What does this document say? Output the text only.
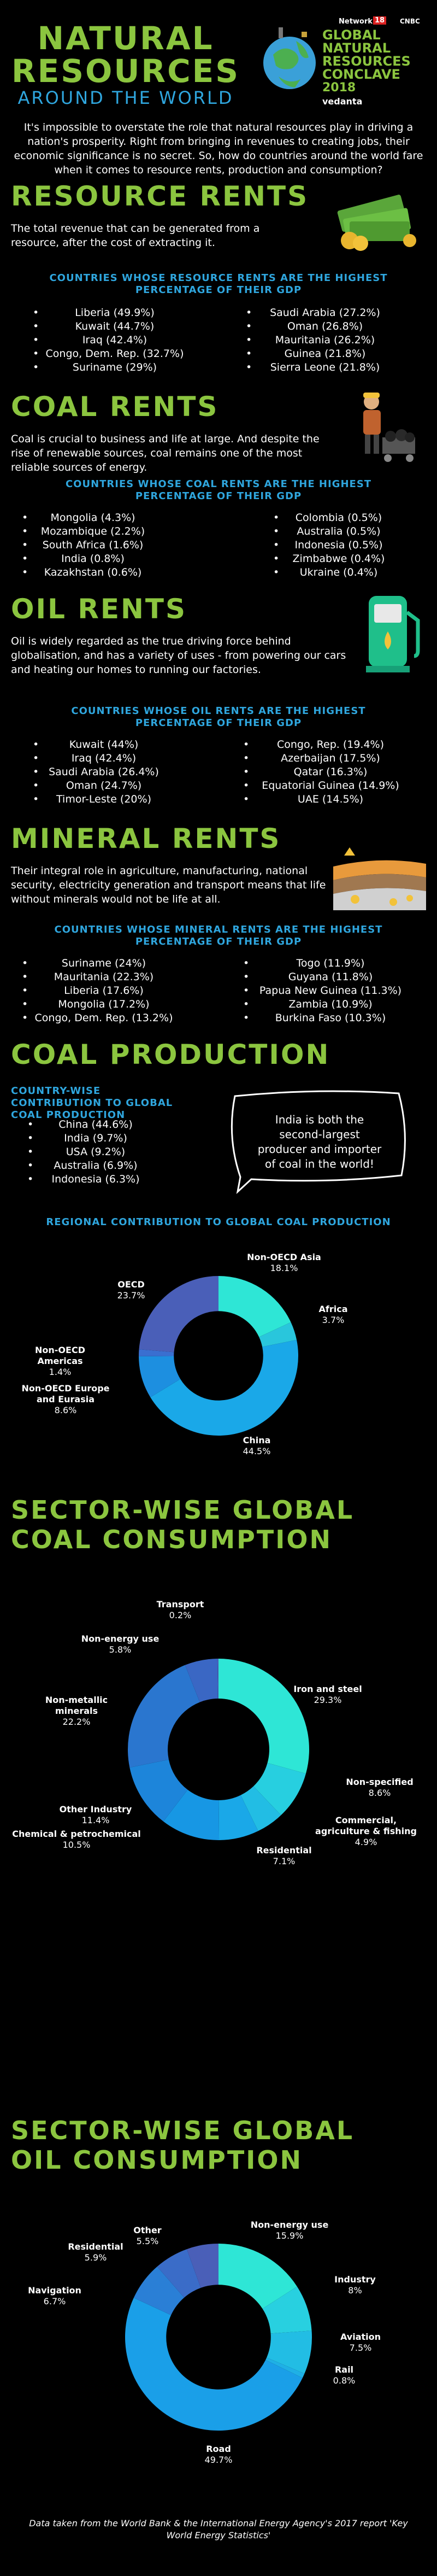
NATURAL
RESOURCES
AROUND THE WORLD
Network 18 CNBC
GLOBAL
NATURAL
RESOURCES
CONCLAVE
2018
vedanta
It's impossible to overstate the role that natural resources play in driving a nation's prosperity. Right from bringing in revenues to creating jobs, their economic significance is no secret. So, how do countries around the world fare when it comes to resource rents, production and consumption?
RESOURCE RENTS
The total revenue that can be generated from a resource, after the cost of extracting it.
COUNTRIES WHOSE RESOURCE RENTS ARE THE HIGHEST PERCENTAGE OF THEIR GDP
• Liberia (49.9%)
• Kuwait (44.7%)
• Iraq (42.4%)
• Congo, Dem. Rep. (32.7%)
• Suriname (29%)
• Saudi Arabia (27.2%)
• Oman (26.8%)
• Mauritania (26.2%)
• Guinea (21.8%)
• Sierra Leone (21.8%)
COAL RENTS
Coal is crucial to business and life at large. And despite the rise of renewable sources, coal remains one of the most reliable sources of energy.
COUNTRIES WHOSE COAL RENTS ARE THE HIGHEST PERCENTAGE OF THEIR GDP
• Mongolia (4.3%)
• Mozambique (2.2%)
• South Africa (1.6%)
• India (0.8%)
• Kazakhstan (0.6%)
• Colombia (0.5%)
• Australia (0.5%)
• Indonesia (0.5%)
• Zimbabwe (0.4%)
• Ukraine (0.4%)
OIL RENTS
Oil is widely regarded as the true driving force behind globalisation, and has a variety of uses - from powering our cars and heating our homes to running our factories.
COUNTRIES WHOSE OIL RENTS ARE THE HIGHEST PERCENTAGE OF THEIR GDP
• Kuwait (44%)
• Iraq (42.4%)
• Saudi Arabia (26.4%)
• Oman (24.7%)
• Timor-Leste (20%)
• Congo, Rep. (19.4%)
• Azerbaijan (17.5%)
• Qatar (16.3%)
• Equatorial Guinea (14.9%)
• UAE (14.5%)
MINERAL RENTS
Their integral role in agriculture, manufacturing, national security, electricity generation and transport means that life without minerals would not be life at all.
COUNTRIES WHOSE MINERAL RENTS ARE THE HIGHEST PERCENTAGE OF THEIR GDP
• Suriname (24%)
• Mauritania (22.3%)
• Liberia (17.6%)
• Mongolia (17.2%)
• Congo, Dem. Rep. (13.2%)
• Togo (11.9%)
• Guyana (11.8%)
• Papua New Guinea (11.3%)
• Zambia (10.9%)
• Burkina Faso (10.3%)
COAL PRODUCTION
COUNTRY-WISE CONTRIBUTION TO GLOBAL COAL PRODUCTION
• China (44.6%)
• India (9.7%)
• USA (9.2%)
• Australia (6.9%)
• Indonesia (6.3%)
India is both the second-largest producer and importer of coal in the world!
REGIONAL CONTRIBUTION TO GLOBAL COAL PRODUCTION
Non-OECD Asia
18.1%
Africa
3.7%
China
44.5%
Non-OECD Europe and Eurasia
8.6%
Non-OECD Americas
1.4%
OECD
23.7%
SECTOR-WISE GLOBAL
COAL CONSUMPTION
Iron and steel
29.3%
Non-specified
8.6%
Commercial, agriculture & fishing
4.9%
Residential
7.1%
Chemical & petrochemical
10.5%
Other Industry
11.4%
Non-metallic minerals
22.2%
Non-energy use
5.8%
Transport
0.2%
SECTOR-WISE GLOBAL
OIL CONSUMPTION
Non-energy use
15.9%
Industry
8%
Aviation
7.5%
Rail
0.8%
Road
49.7%
Navigation
6.7%
Residential
5.9%
Other
5.5%
Data taken from the World Bank & the International Energy Agency's 2017 report 'Key World Energy Statistics'
